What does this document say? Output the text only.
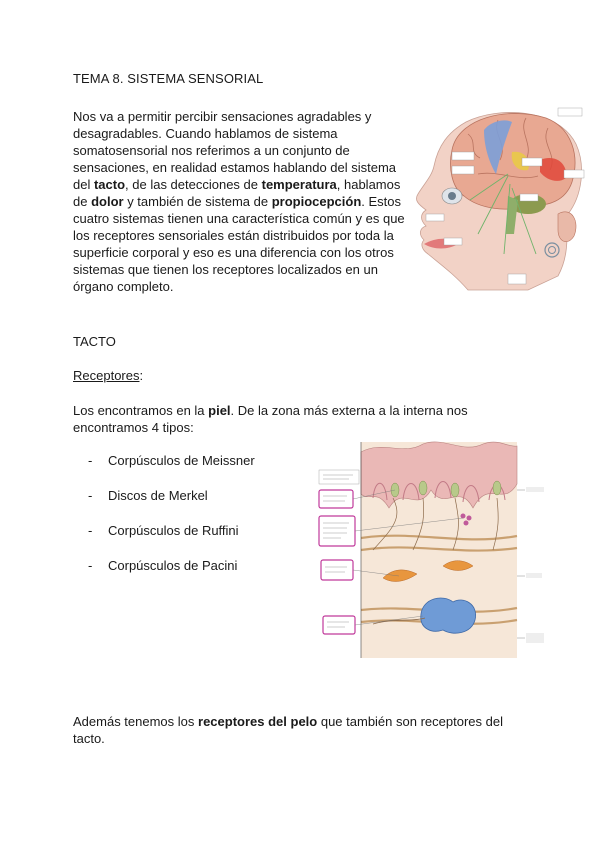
TEMA 8. SISTEMA SENSORIAL
Nos va a permitir percibir sensaciones agradables y desagradables. Cuando hablamos de sistema somatosensorial nos referimos a un conjunto de sensaciones, en realidad estamos hablando del sistema del tacto, de las detecciones de temperatura, hablamos de dolor y también de sistema de propiocepción. Estos cuatro sistemas tienen una característica común y es que los receptores sensoriales están distribuidos por toda la superficie corporal y eso es una diferencia con los otros sistemas que tienen los receptores localizados en un órgano completo.
TACTO
Receptores:
Los encontramos en la piel. De la zona más externa a la interna nos encontramos 4 tipos:
- Corpúsculos de Meissner
- Discos de Merkel
- Corpúsculos de Ruffini
- Corpúsculos de Pacini
Además tenemos los receptores del pelo que también son receptores del tacto.
